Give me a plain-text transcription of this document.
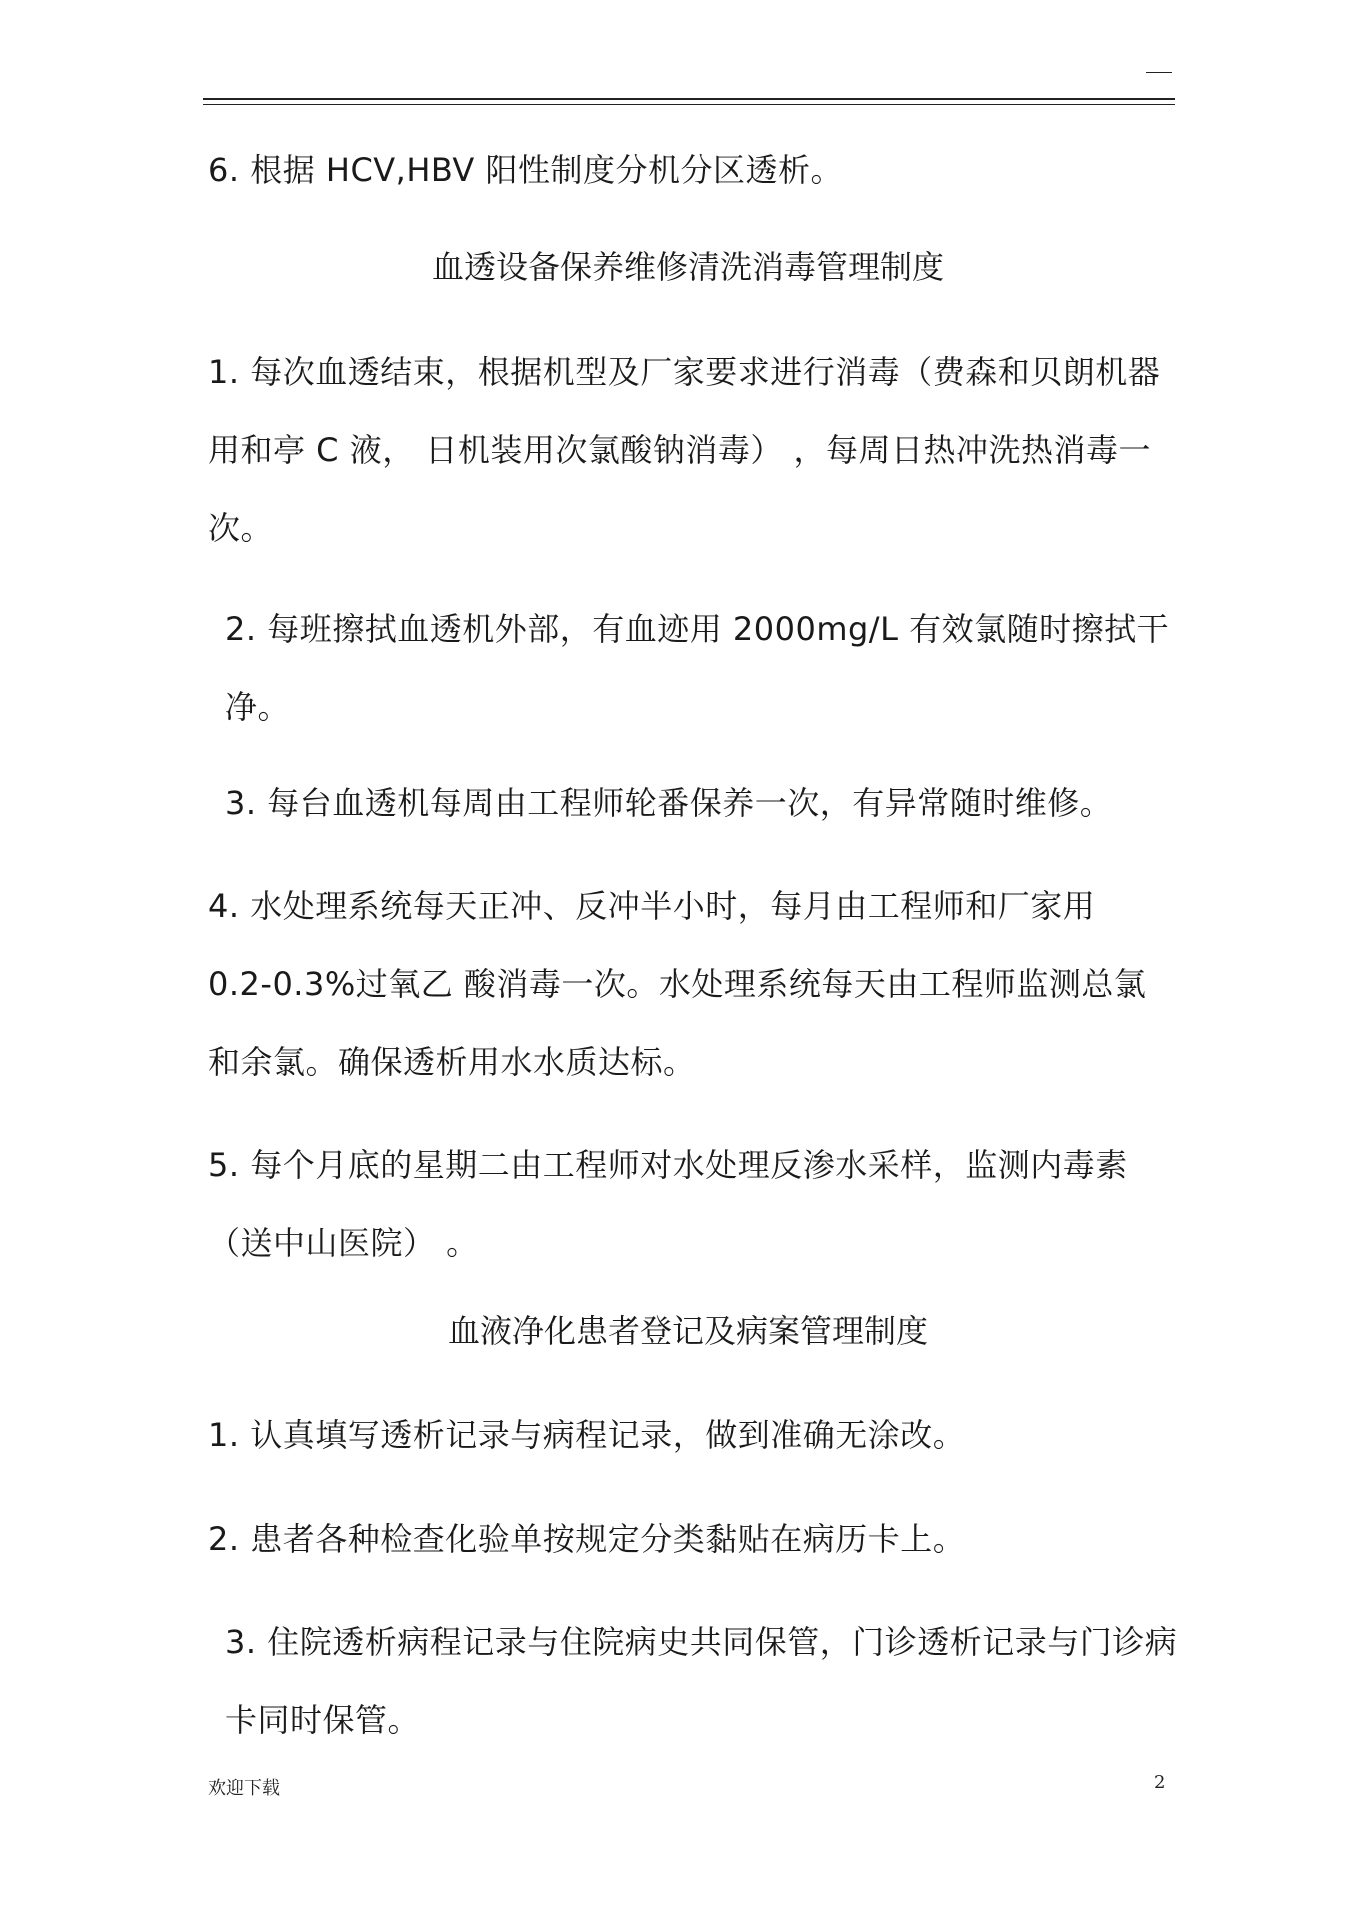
6. 根据 HCV,HBV 阳性制度分机分区透析。

血透设备保养维修清洗消毒管理制度

1. 每次血透结束，根据机型及厂家要求进行消毒（费森和贝朗机器用和亭 C 液， 日机装用次氯酸钠消毒） ，每周日热冲洗热消毒一次。

2. 每班擦拭血透机外部，有血迹用 2000mg/L 有效氯随时擦拭干净。

3. 每台血透机每周由工程师轮番保养一次，有异常随时维修。

4. 水处理系统每天正冲、反冲半小时，每月由工程师和厂家用 0.2-0.3%过氧乙 酸消毒一次。水处理系统每天由工程师监测总氯和余氯。确保透析用水水质达标。

5. 每个月底的星期二由工程师对水处理反渗水采样，监测内毒素（送中山医院） 。

血液净化患者登记及病案管理制度

1. 认真填写透析记录与病程记录，做到准确无涂改。

2. 患者各种检查化验单按规定分类黏贴在病历卡上。

3. 住院透析病程记录与住院病史共同保管，门诊透析记录与门诊病卡同时保管。

欢迎下载	2
